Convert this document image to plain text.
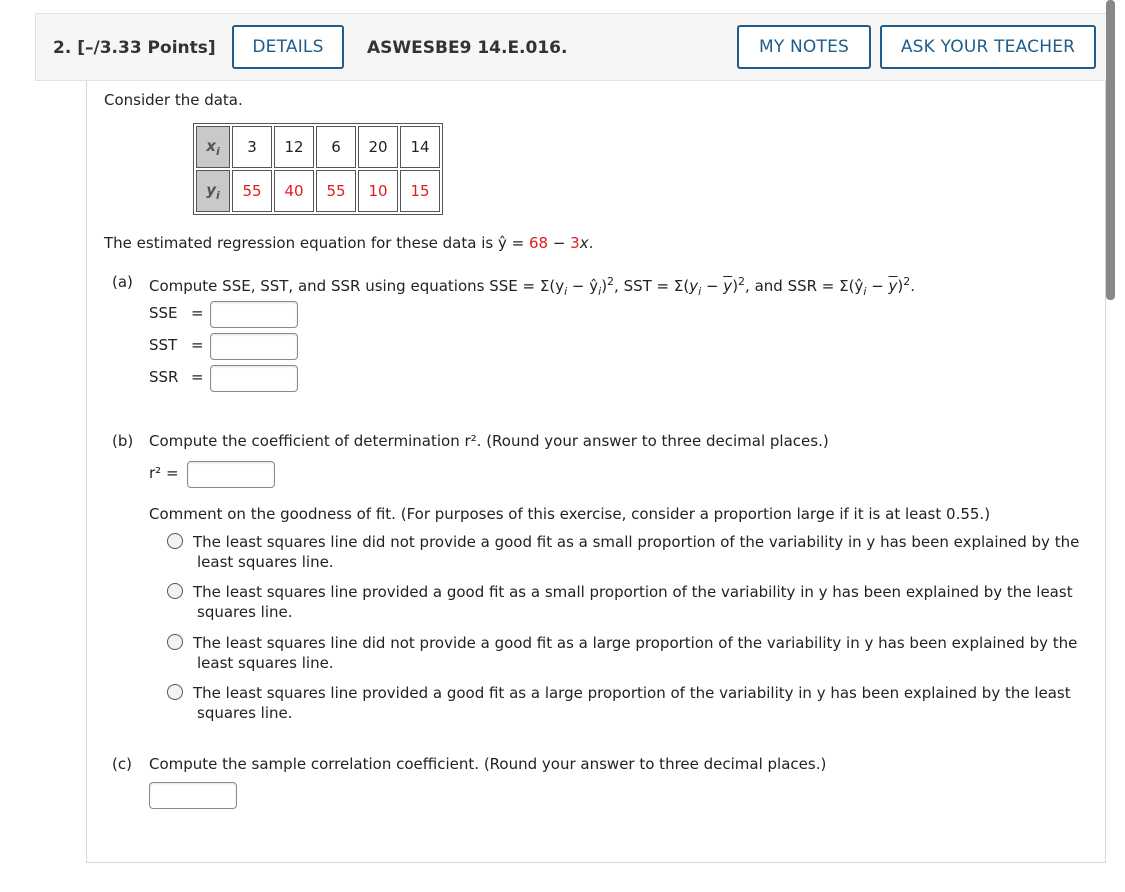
2. [–/3.33 Points]	DETAILS	ASWESBE9 14.E.016.	MY NOTES	ASK YOUR TEACHER
Consider the data.
$x_i$	3	12	6	20	14
$y_i$	55	40	55	10	15
The estimated regression equation for these data is ŷ = 68 − 3x.
(a) Compute SSE, SST, and SSR using equations SSE = $\Sigma(y_i$ − $ŷ_i)^2$, SST = $\Sigma(y_i - \overline{y})^2$, and SSR = $\Sigma(ŷ_i - \overline{y})^2$.
SSE =
SST =
SSR =
(b) Compute the coefficient of determination r². (Round your answer to three decimal places.)
r² =
Comment on the goodness of fit. (For purposes of this exercise, consider a proportion large if it is at least 0.55.)
The least squares line did not provide a good fit as a small proportion of the variability in y has been explained by the
least squares line.
The least squares line provided a good fit as a small proportion of the variability in y has been explained by the least
squares line.
The least squares line did not provide a good fit as a large proportion of the variability in y has been explained by the
least squares line.
The least squares line provided a good fit as a large proportion of the variability in y has been explained by the least
squares line.
(c) Compute the sample correlation coefficient. (Round your answer to three decimal places.)
